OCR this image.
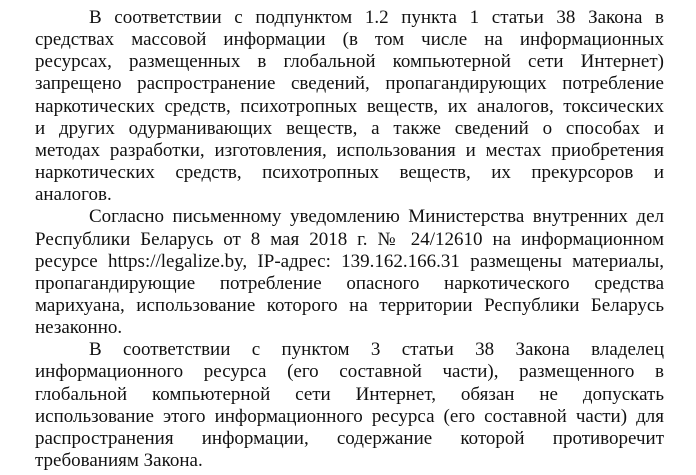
В соответствии с подпунктом 1.2 пункта 1 статьи 38 Закона в
средствах массовой информации (в том числе на информационных
ресурсах, размещенных в глобальной компьютерной сети Интернет)
запрещено распространение сведений, пропагандирующих потребление
наркотических средств, психотропных веществ, их аналогов, токсических
и других одурманивающих веществ, а также сведений о способах и
методах разработки, изготовления, использования и местах приобретения
наркотических средств, психотропных веществ, их прекурсоров и
аналогов.
Согласно письменному уведомлению Министерства внутренних дел
Республики Беларусь от 8 мая 2018 г. № 24/12610 на информационном
ресурсе https://legalize.by, IP-адрес: 139.162.166.31 размещены материалы,
пропагандирующие потребление опасного наркотического средства
марихуана, использование которого на территории Республики Беларусь
незаконно.
В соответствии с пунктом 3 статьи 38 Закона владелец
информационного ресурса (его составной части), размещенного в
глобальной компьютерной сети Интернет, обязан не допускать
использование этого информационного ресурса (его составной части) для
распространения информации, содержание которой противоречит
требованиям Закона.
